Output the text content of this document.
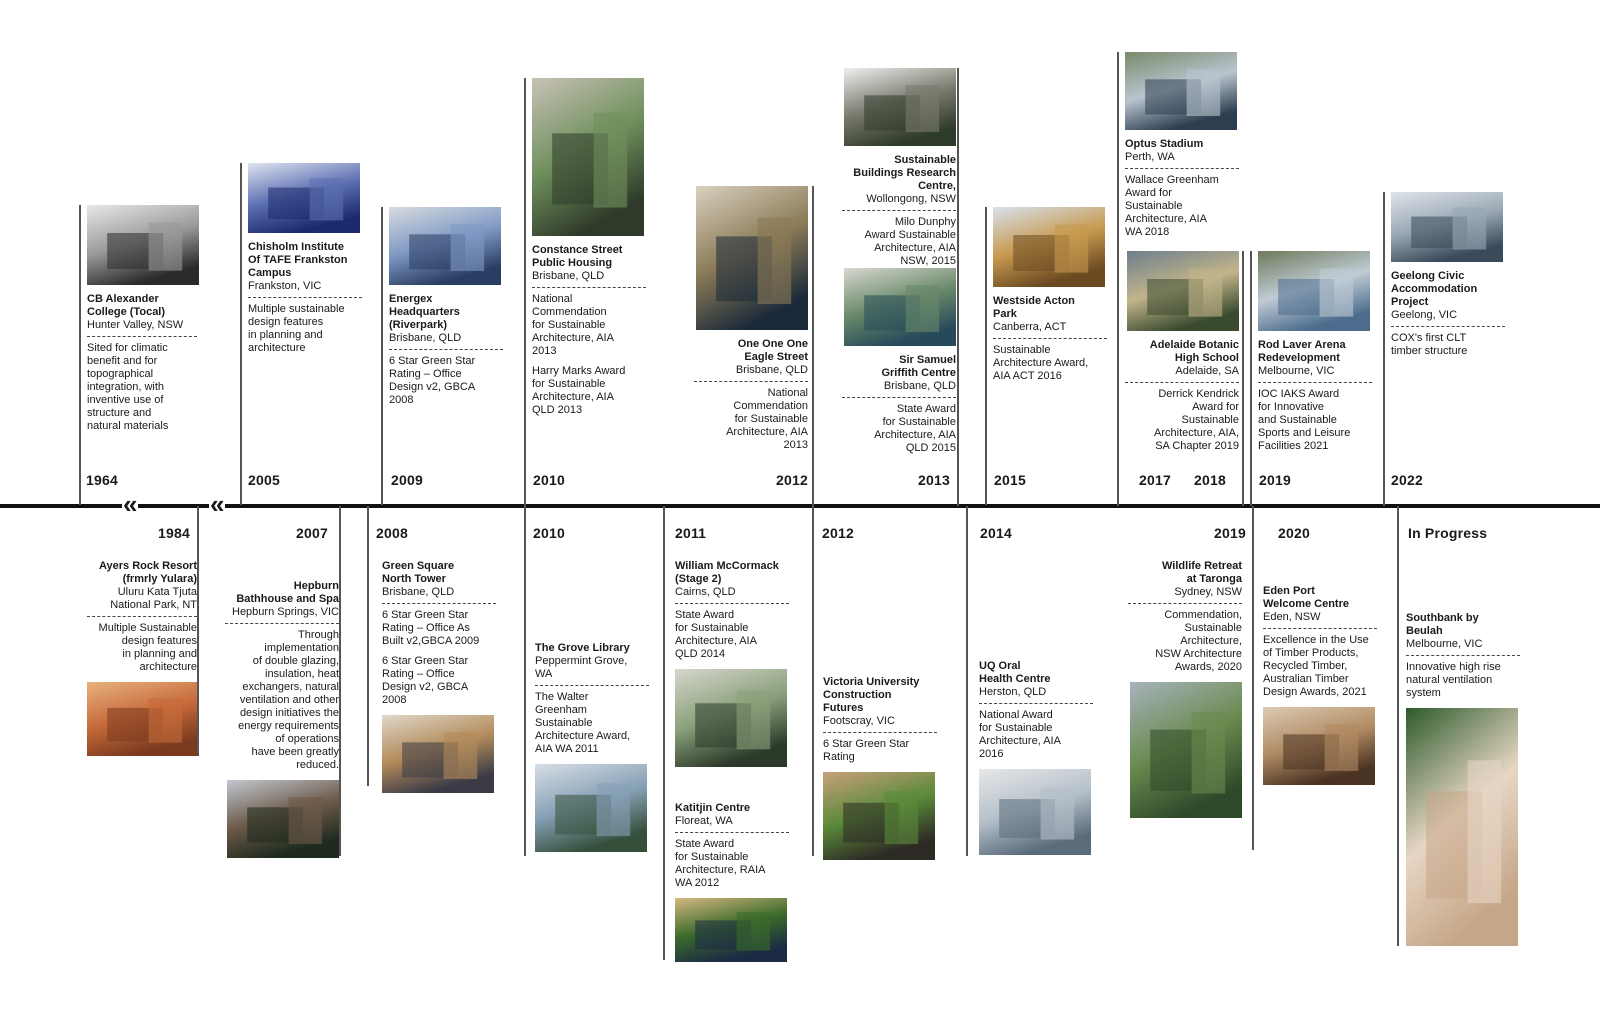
«	«
CB Alexander
College (Tocal)
Hunter Valley, NSW
Sited for climatic
benefit and for
topographical
integration, with
inventive use of
structure and
natural materials
1964
Chisholm Institute
Of TAFE Frankston
Campus
Frankston, VIC
Multiple sustainable
design features
in planning and
architecture
2005
Energex
Headquarters
(Riverpark)
Brisbane, QLD
6 Star Green Star
Rating – Office
Design v2, GBCA
2008
2009
Constance Street
Public Housing
Brisbane, QLD
National
Commendation
for Sustainable
Architecture, AIA
2013
Harry Marks Award
for Sustainable
Architecture, AIA
QLD 2013
2010
One One One
Eagle Street
Brisbane, QLD
National
Commendation
for Sustainable
Architecture, AIA
2013
2012
Sustainable
Buildings Research
Centre,
Wollongong, NSW
Milo Dunphy
Award Sustainable
Architecture, AIA
NSW, 2015
Sir Samuel
Griffith Centre
Brisbane, QLD
State Award
for Sustainable
Architecture, AIA
QLD 2015
2013
Westside Acton
Park
Canberra, ACT
Sustainable
Architecture Award,
AIA ACT 2016
2015
Optus Stadium
Perth, WA
Wallace Greenham
Award for
Sustainable
Architecture, AIA
WA 2018
2017
Adelaide Botanic
High School
Adelaide, SA
Derrick Kendrick
Award for
Sustainable
Architecture, AIA,
SA Chapter 2019
2018
Rod Laver Arena
Redevelopment
Melbourne, VIC
IOC IAKS Award
for Innovative
and Sustainable
Sports and Leisure
Facilities 2021
2019
Geelong Civic
Accommodation
Project
Geelong, VIC
COX's first CLT
timber structure
2022
Ayers Rock Resort
(frmrly Yulara)
Uluru Kata Tjuta
National Park, NT
Multiple Sustainable
design features
in planning and
architecture
1984
Hepburn
Bathhouse and Spa
Hepburn Springs, VIC
Through
implementation
of double glazing,
insulation, heat
exchangers, natural
ventilation and other
design initiatives the
energy requirements
of operations
have been greatly
reduced.
2007
Green Square
North Tower
Brisbane, QLD
6 Star Green Star
Rating – Office As
Built v2,GBCA 2009
6 Star Green Star
Rating – Office
Design v2, GBCA
2008
2008
The Grove Library
Peppermint Grove,
WA
The Walter
Greenham
Sustainable
Architecture Award,
AIA WA 2011
2010
William McCormack
(Stage 2)
Cairns, QLD
State Award
for Sustainable
Architecture, AIA
QLD 2014
2011
Katitjin Centre
Floreat, WA
State Award
for Sustainable
Architecture, RAIA
WA 2012
Victoria University
Construction
Futures
Footscray, VIC
6 Star Green Star
Rating
2012
UQ Oral
Health Centre
Herston, QLD
National Award
for Sustainable
Architecture, AIA
2016
2014
Wildlife Retreat
at Taronga
Sydney, NSW
Commendation,
Sustainable
Architecture,
NSW Architecture
Awards, 2020
2019
Eden Port
Welcome Centre
Eden, NSW
Excellence in the Use
of Timber Products,
Recycled Timber,
Australian Timber
Design Awards, 2021
2020
Southbank by
Beulah
Melbourne, VIC
Innovative high rise
natural ventilation
system
In Progress
